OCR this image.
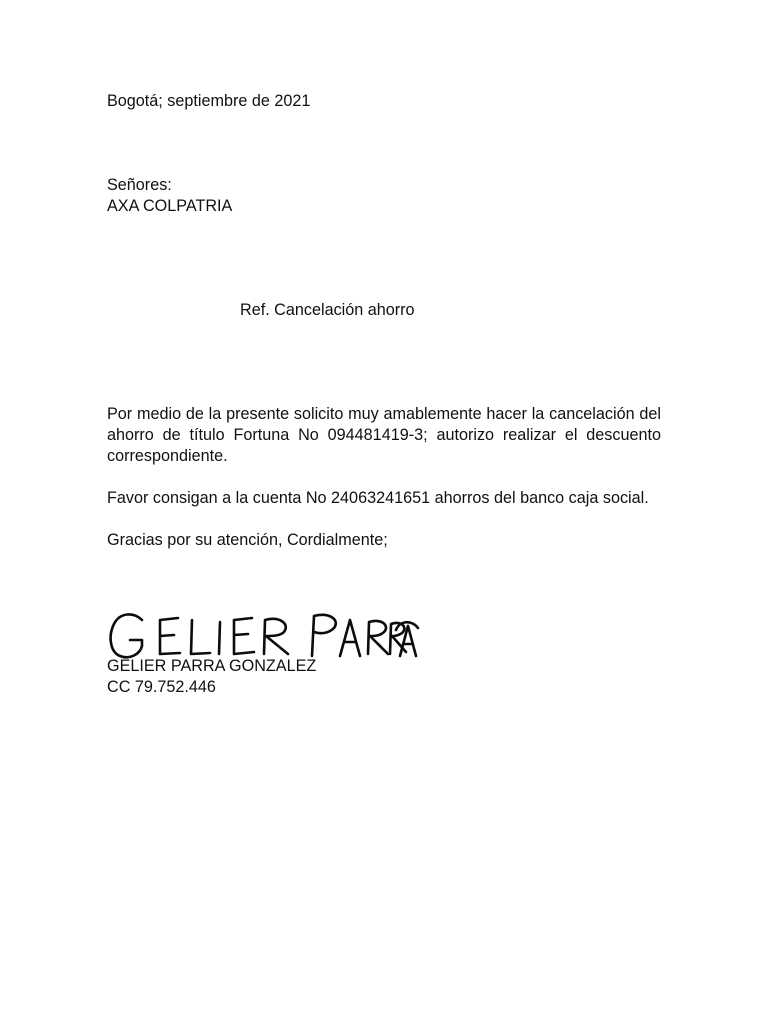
Bogotá; septiembre de 2021
Señores:
AXA COLPATRIA
Ref. Cancelación ahorro
Por medio de la presente solicito muy amablemente hacer la cancelación del ahorro de título Fortuna No 094481419-3; autorizo realizar el descuento correspondiente.
Favor consigan a la cuenta No 24063241651 ahorros del banco caja social.
Gracias por su atención, Cordialmente;
GELIER PARRA GONZALEZ
CC 79.752.446
